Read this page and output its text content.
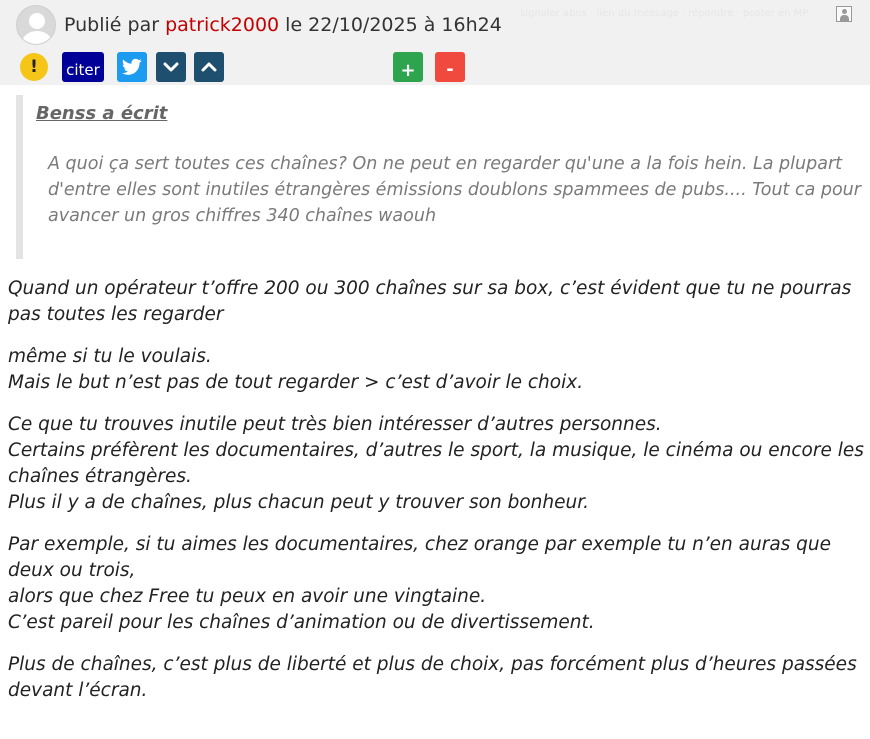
Publié par patrick2000 le 22/10/2025 à 16h24
signaler abus · lien du message · répondre · poster en MP
! citer	+ -
Benss a écrit
A quoi ça sert toutes ces chaînes? On ne peut en regarder qu'une a la fois hein. La plupart d'entre elles sont inutiles étrangères émissions doublons spammees de pubs.... Tout ca pour avancer un gros chiffres 340 chaînes waouh

Quand un opérateur t’offre 200 ou 300 chaînes sur sa box, c’est évident que tu ne pourras pas toutes les regarder

même si tu le voulais.
Mais le but n’est pas de tout regarder > c’est d’avoir le choix.

Ce que tu trouves inutile peut très bien intéresser d’autres personnes.
Certains préfèrent les documentaires, d’autres le sport, la musique, le cinéma ou encore les chaînes étrangères.
Plus il y a de chaînes, plus chacun peut y trouver son bonheur.

Par exemple, si tu aimes les documentaires, chez orange par exemple tu n’en auras que deux ou trois,
alors que chez Free tu peux en avoir une vingtaine.
C’est pareil pour les chaînes d’animation ou de divertissement.

Plus de chaînes, c’est plus de liberté et plus de choix, pas forcément plus d’heures passées devant l’écran.
